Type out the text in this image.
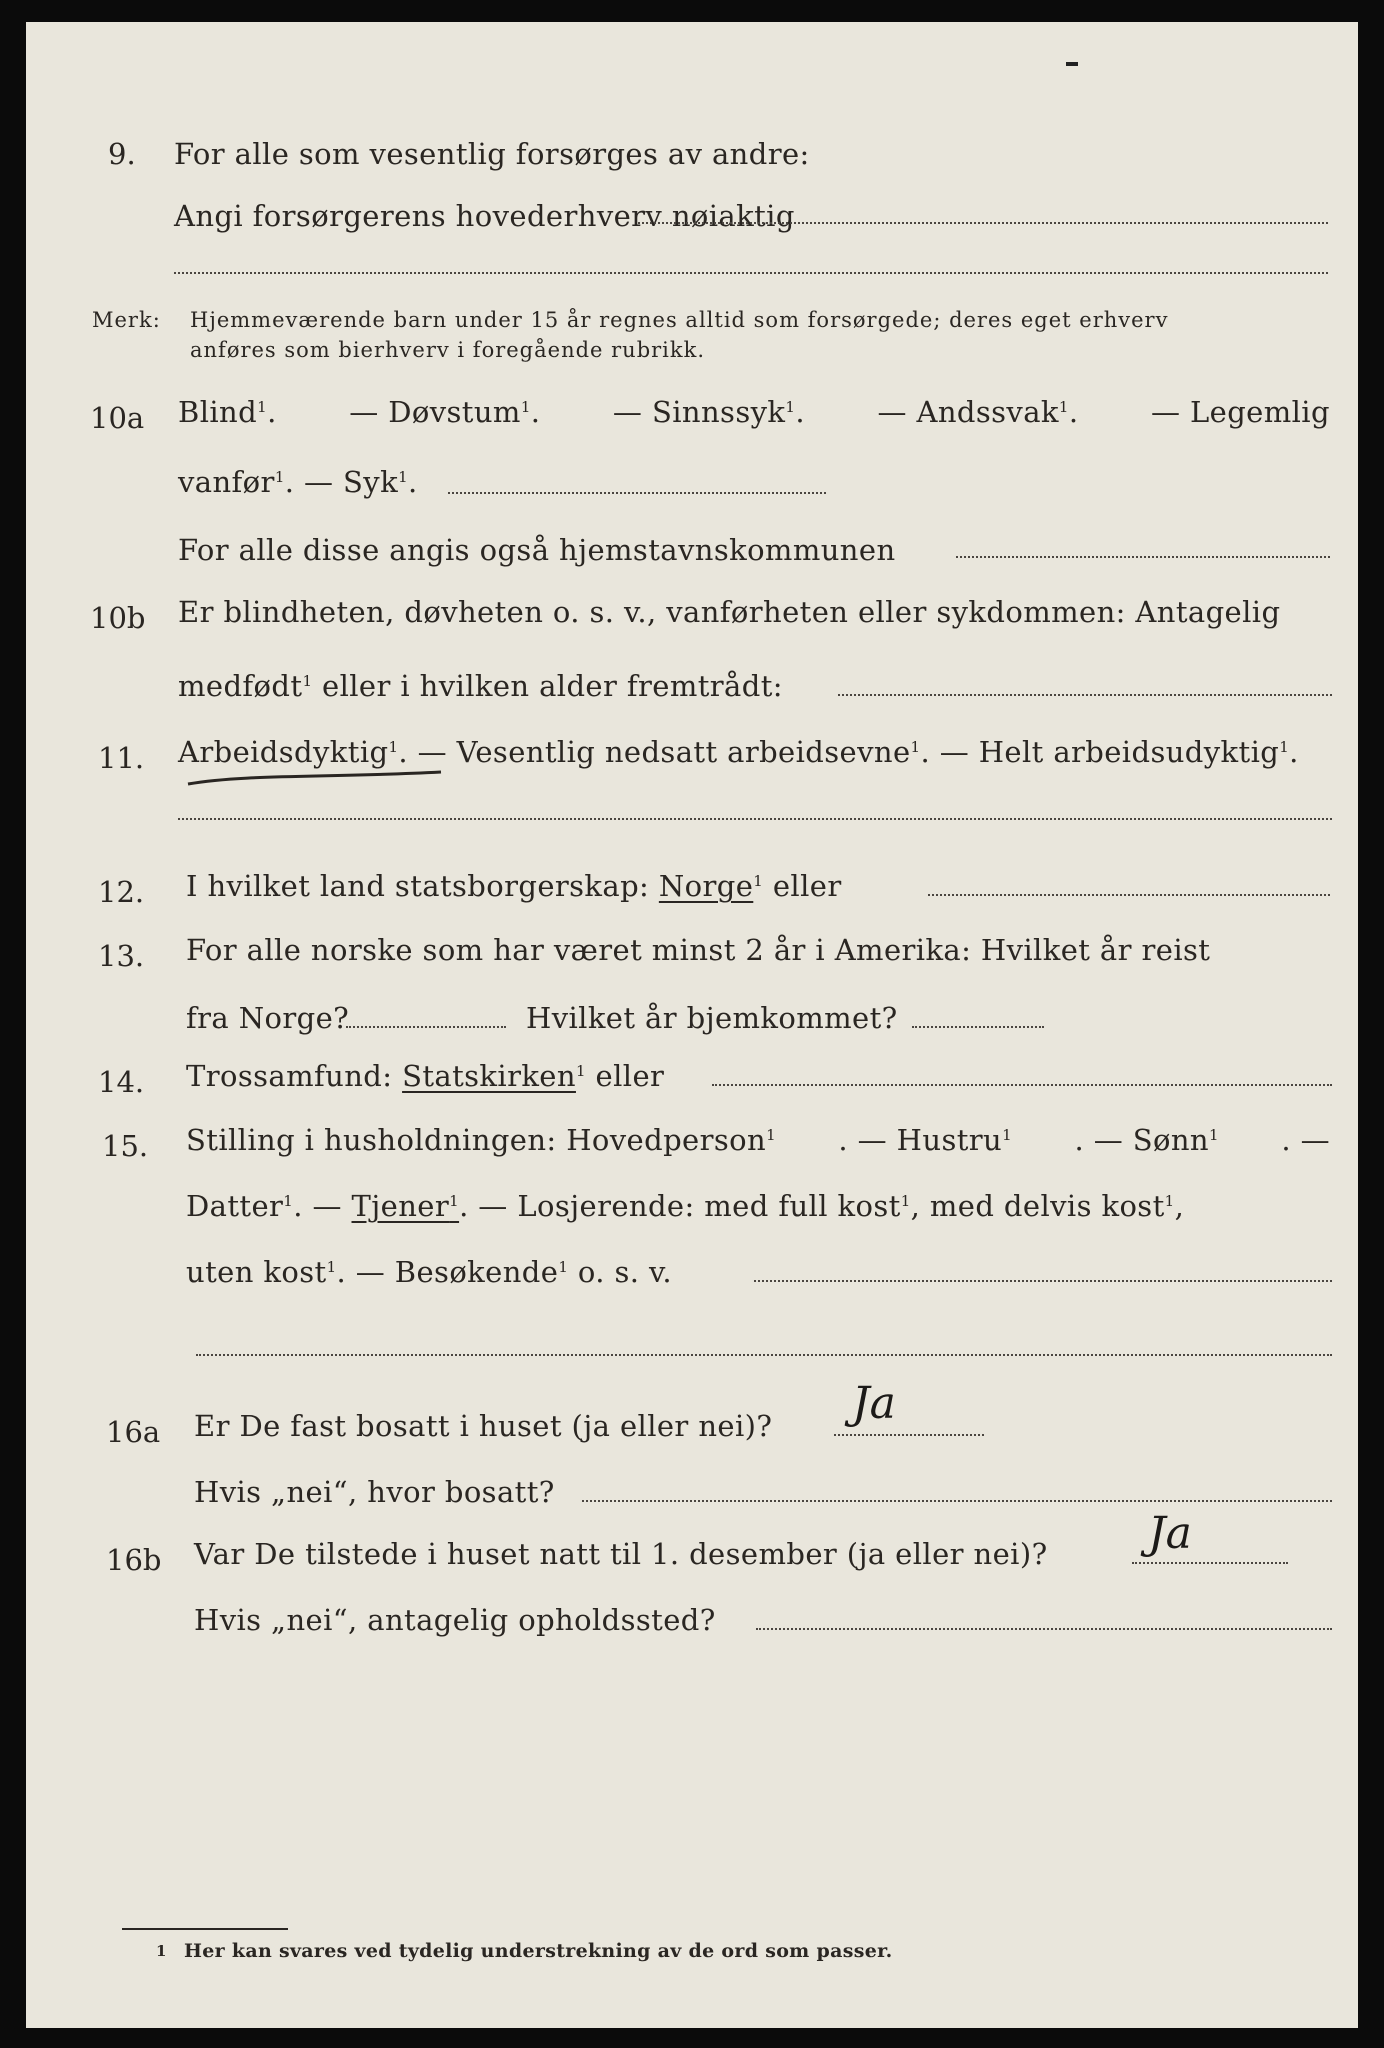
9. For alle som vesentlig forsørges av andre:
Angi forsørgerens hovederhverv nøiaktig
Merk: Hjemmeværende barn under 15 år regnes alltid som forsørgede; deres eget erhverv
anføres som bierhverv i foregående rubrikk.
10a Blind$^1$.	— Døvstum$^1$.	— Sinnssyk$^1$.	— Andssvak$^1$.	— Legemlig
vanfør$^1$. — Syk$^1$.
For alle disse angis også hjemstavnskommunen
10b Er blindheten, døvheten o. s. v., vanførheten eller sykdommen: Antagelig
medfødt$^1$ eller i hvilken alder fremtrådt:
11. Arbeidsdyktig$^1$. — Vesentlig nedsatt arbeidsevne$^1$. — Helt arbeidsudyktig$^1$.
12. I hvilket land statsborgerskap: Norge$^1$ eller
13. For alle norske som har været minst 2 år i Amerika: Hvilket år reist
fra Norge?	Hvilket år bjemkommet?
14. Trossamfund: Statskirken$^1$ eller
15. Stilling i husholdningen: Hovedperson$^1$ . — Hustru$^1$ . — Sønn$^1$ . —
Datter$^1$. — Tjener$^1$. — Losjerende: med full kost$^1$, med delvis kost$^1$,
uten kost$^1$. — Besøkende$^1$ o. s. v.
16a Er De fast bosatt i huset (ja eller nei)? Ja
Hvis „nei“, hvor bosatt?
16b Var De tilstede i huset natt til 1. desember (ja eller nei)? Ja
Hvis „nei“, antagelig opholdssted?
1 Her kan svares ved tydelig understrekning av de ord som passer.
